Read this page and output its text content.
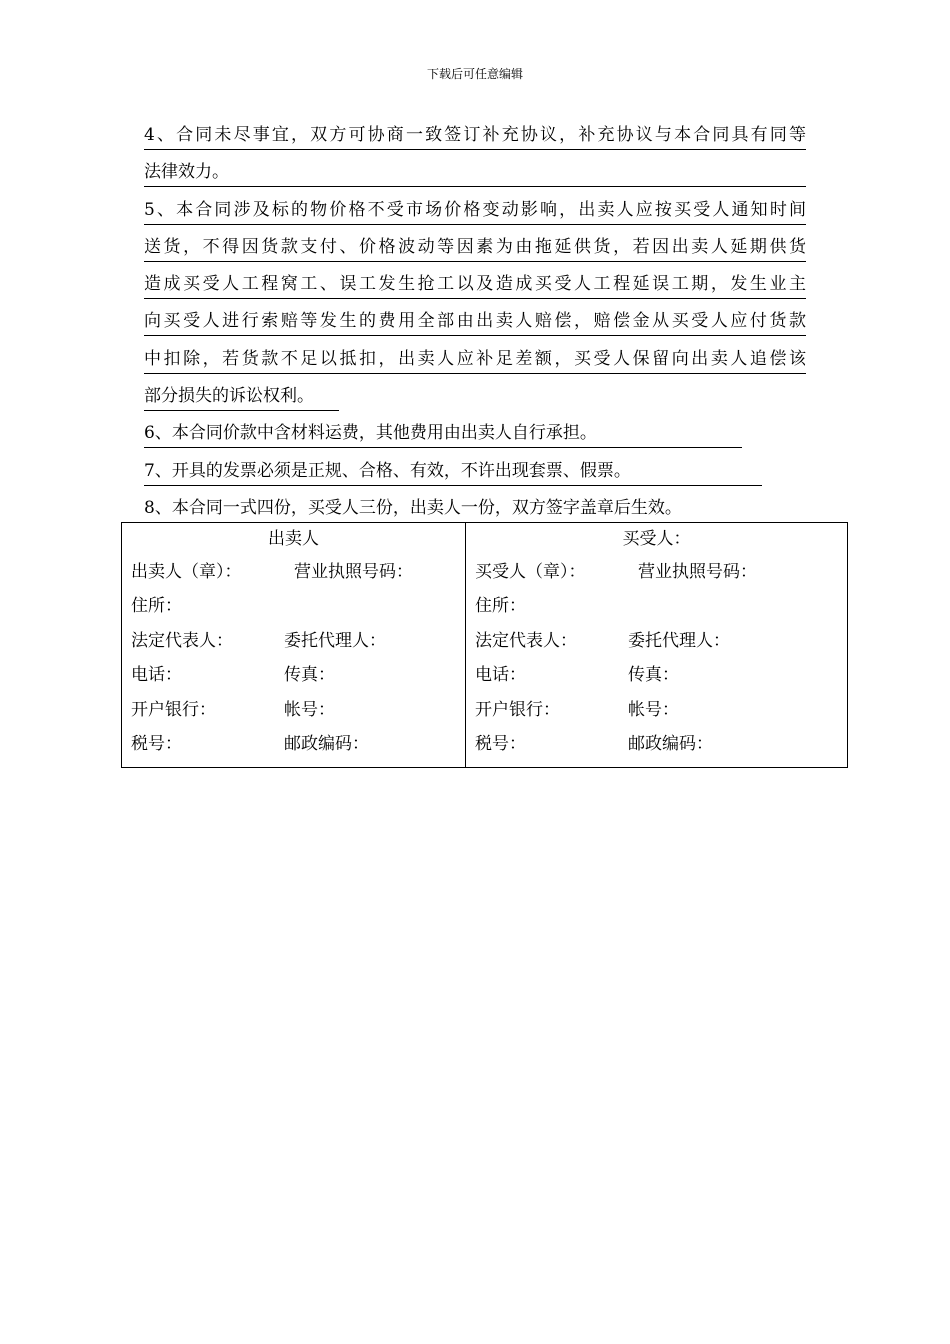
下载后可任意编辑
4、合同未尽事宜，双方可协商一致签订补充协议，补充协议与本合同具有同等
法律效力。
5、本合同涉及标的物价格不受市场价格变动影响，出卖人应按买受人通知时间
送货，不得因货款支付、价格波动等因素为由拖延供货，若因出卖人延期供货
造成买受人工程窝工、误工发生抢工以及造成买受人工程延误工期，发生业主
向买受人进行索赔等发生的费用全部由出卖人赔偿，赔偿金从买受人应付货款
中扣除，若货款不足以抵扣，出卖人应补足差额，买受人保留向出卖人追偿该
部分损失的诉讼权利。
6、本合同价款中含材料运费，其他费用由出卖人自行承担。
7、开具的发票必须是正规、合格、有效，不许出现套票、假票。
8、本合同一式四份，买受人三份，出卖人一份，双方签字盖章后生效。
出卖人
出卖人（章）：	营业执照号码：
住所：
法定代表人：	委托代理人：
电话：	传真：
开户银行：	帐号：
税号：	邮政编码：
买受人：
买受人（章）：	营业执照号码：
住所：
法定代表人：	委托代理人：
电话：	传真：
开户银行：	帐号：
税号：	邮政编码：
